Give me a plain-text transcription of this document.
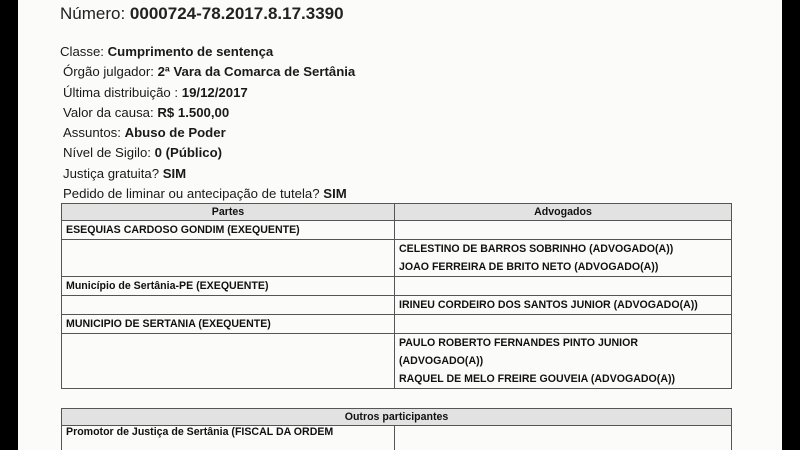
Número: 0000724-78.2017.8.17.3390
Classe: Cumprimento de sentença
Órgão julgador: 2ª Vara da Comarca de Sertânia
Última distribuição : 19/12/2017
Valor da causa: R$ 1.500,00
Assuntos: Abuso de Poder
Nível de Sigilo: 0 (Público)
Justiça gratuita? SIM
Pedido de liminar ou antecipação de tutela? SIM
Partes	Advogados
ESEQUIAS CARDOSO GONDIM (EXEQUENTE)	

	CELESTINO DE BARROS SOBRINHO (ADVOGADO(A))
JOAO FERREIRA DE BRITO NETO (ADVOGADO(A))

Município de Sertânia-PE (EXEQUENTE)	

	IRINEU CORDEIRO DOS SANTOS JUNIOR (ADVOGADO(A))

MUNICIPIO DE SERTANIA (EXEQUENTE)	

	PAULO ROBERTO FERNANDES PINTO JUNIOR
(ADVOGADO(A))
RAQUEL DE MELO FREIRE GOUVEIA (ADVOGADO(A))
Outros participantes
Promotor de Justiça de Sertânia (FISCAL DA ORDEM	
